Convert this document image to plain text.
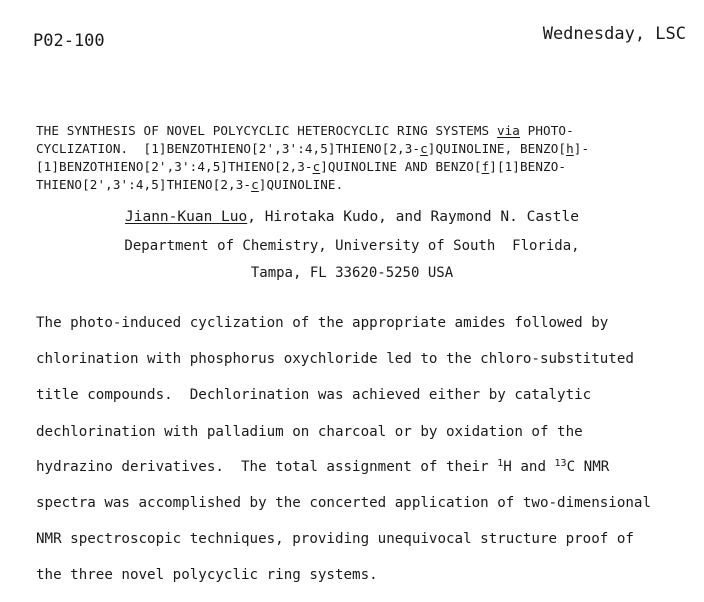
P02-100	Wednesday, LSC
THE SYNTHESIS OF NOVEL POLYCYCLIC HETEROCYCLIC RING SYSTEMS via PHOTO-
CYCLIZATION.  [1]BENZOTHIENO[2',3':4,5]THIENO[2,3-c]QUINOLINE, BENZO[h]-
[1]BENZOTHIENO[2',3':4,5]THIENO[2,3-c]QUINOLINE AND BENZO[f][1]BENZO-
THIENO[2',3':4,5]THIENO[2,3-c]QUINOLINE.
Jiann-Kuan Luo, Hirotaka Kudo, and Raymond N. Castle
Department of Chemistry, University of South  Florida,
Tampa, FL 33620-5250 USA
The photo-induced cyclization of the appropriate amides followed by
chlorination with phosphorus oxychloride led to the chloro-substituted
title compounds.  Dechlorination was achieved either by catalytic
dechlorination with palladium on charcoal or by oxidation of the
hydrazino derivatives.  The total assignment of their $^1$H and $^{13}$C NMR
spectra was accomplished by the concerted application of two-dimensional
NMR spectroscopic techniques, providing unequivocal structure proof of
the three novel polycyclic ring systems.
